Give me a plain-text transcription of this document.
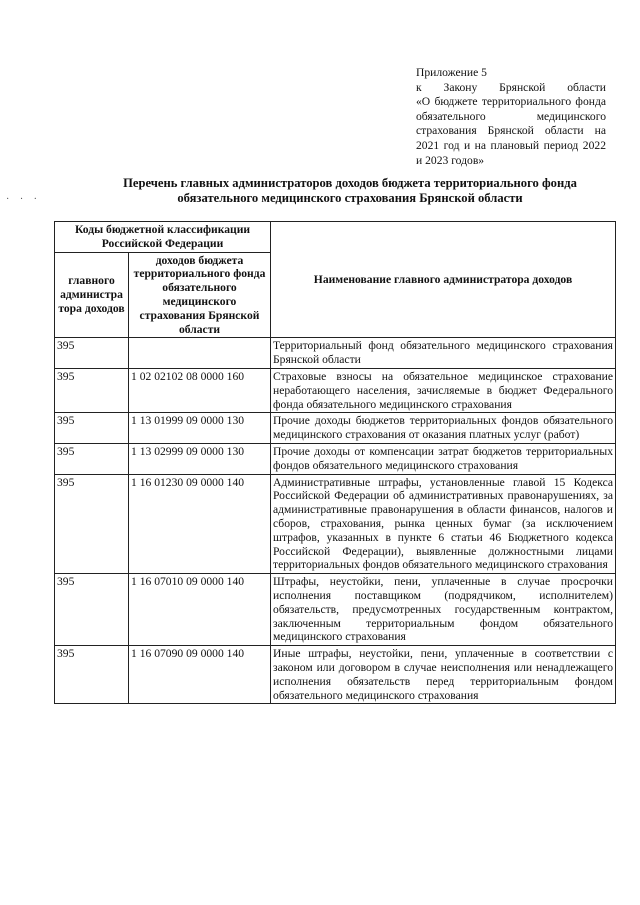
Приложение 5
к Закону Брянской области
«О бюджете территориального фонда
обязательного медицинского
страхования Брянской области на
2021 год и на плановый период 2022
и 2023 годов»
Перечень главных администраторов доходов бюджета территориального фонда
обязательного медицинского страхования Брянской области
· · ·
Коды бюджетной классификации Российской Федерации		Наименование главного администратора доходов
главного администра тора доходов	доходов бюджета территориального фонда обязательного медицинского страхования Брянской области	
395		Территориальный фонд обязательного медицинского страхования Брянской области
395	1 02 02102 08 0000 160	Страховые взносы на обязательное медицинское страхование неработающего населения, зачисляемые в бюджет Федерального фонда обязательного медицинского страхования
395	1 13 01999 09 0000 130	Прочие доходы бюджетов территориальных фондов обязательного медицинского страхования от оказания платных услуг (работ)
395	1 13 02999 09 0000 130	Прочие доходы от компенсации затрат бюджетов территориальных фондов обязательного медицинского страхования
395	1 16 01230 09 0000 140	Административные штрафы, установленные главой 15 Кодекса Российской Федерации об административных правонарушениях, за административные правонарушения в области финансов, налогов и сборов, страхования, рынка ценных бумаг (за исключением штрафов, указанных в пункте 6 статьи 46 Бюджетного кодекса Российской Федерации), выявленные должностными лицами территориальных фондов обязательного медицинского страхования
395	1 16 07010 09 0000 140	Штрафы, неустойки, пени, уплаченные в случае просрочки исполнения поставщиком (подрядчиком, исполнителем) обязательств, предусмотренных государственным контрактом, заключенным территориальным фондом обязательного медицинского страхования
395	1 16 07090 09 0000 140	Иные штрафы, неустойки, пени, уплаченные в соответствии с законом или договором в случае неисполнения или ненадлежащего исполнения обязательств перед территориальным фондом обязательного медицинского страхования
